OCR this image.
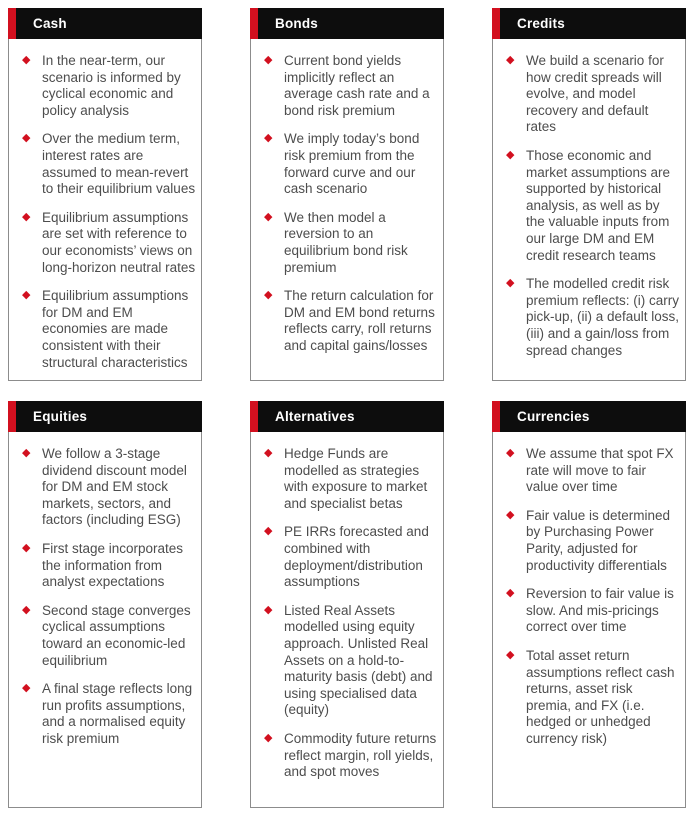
Cash
◆ In the near-term, our scenario is informed by cyclical economic and policy analysis
◆ Over the medium term, interest rates are assumed to mean-revert to their equilibrium values
◆ Equilibrium assumptions are set with reference to our economists’ views on long-horizon neutral rates
◆ Equilibrium assumptions for DM and EM economies are made consistent with their structural characteristics
Bonds
◆ Current bond yields implicitly reflect an average cash rate and a bond risk premium
◆ We imply today’s bond risk premium from the forward curve and our cash scenario
◆ We then model a reversion to an equilibrium bond risk premium
◆ The return calculation for DM and EM bond returns reflects carry, roll returns and capital gains/losses
Credits
◆ We build a scenario for how credit spreads will evolve, and model recovery and default rates
◆ Those economic and market assumptions are supported by historical analysis, as well as by the valuable inputs from our large DM and EM credit research teams
◆ The modelled credit risk premium reflects: (i) carry pick-up, (ii) a default loss, (iii) and a gain/loss from spread changes
Equities
◆ We follow a 3-stage dividend discount model for DM and EM stock markets, sectors, and factors (including ESG)
◆ First stage incorporates the information from analyst expectations
◆ Second stage converges cyclical assumptions toward an economic-led equilibrium
◆ A final stage reflects long run profits assumptions, and a normalised equity risk premium
Alternatives
◆ Hedge Funds are modelled as strategies with exposure to market and specialist betas
◆ PE IRRs forecasted and combined with deployment/distribution assumptions
◆ Listed Real Assets modelled using equity approach. Unlisted Real Assets on a hold-to-maturity basis (debt) and using specialised data (equity)
◆ Commodity future returns reflect margin, roll yields, and spot moves
Currencies
◆ We assume that spot FX rate will move to fair value over time
◆ Fair value is determined by Purchasing Power Parity, adjusted for productivity differentials
◆ Reversion to fair value is slow. And mis-pricings correct over time
◆ Total asset return assumptions reflect cash returns, asset risk premia, and FX (i.e. hedged or unhedged currency risk)
